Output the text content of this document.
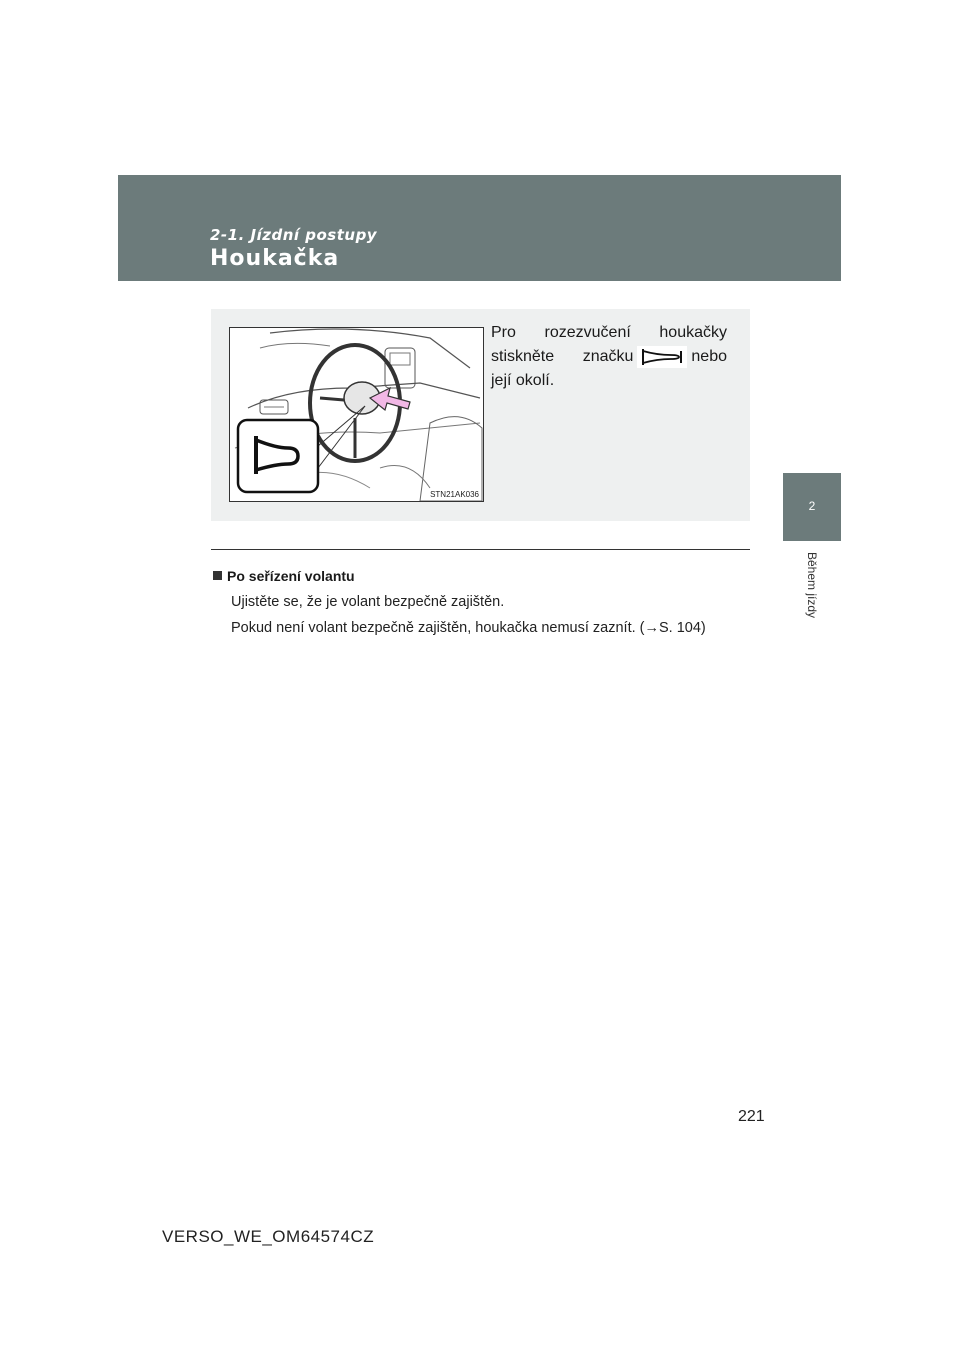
2-1. Jízdní postupy

Houkačka
2
Během jízdy
STN21AK036

Pro rozezvučení houkačky stiskněte značku	nebo její okolí.

Po seřízení volantu

Ujistěte se, že je volant bezpečně zajištěn.

Pokud není volant bezpečně zajištěn, houkačka nemusí zaznít. (→S. 104)

221
VERSO_WE_OM64574CZ
